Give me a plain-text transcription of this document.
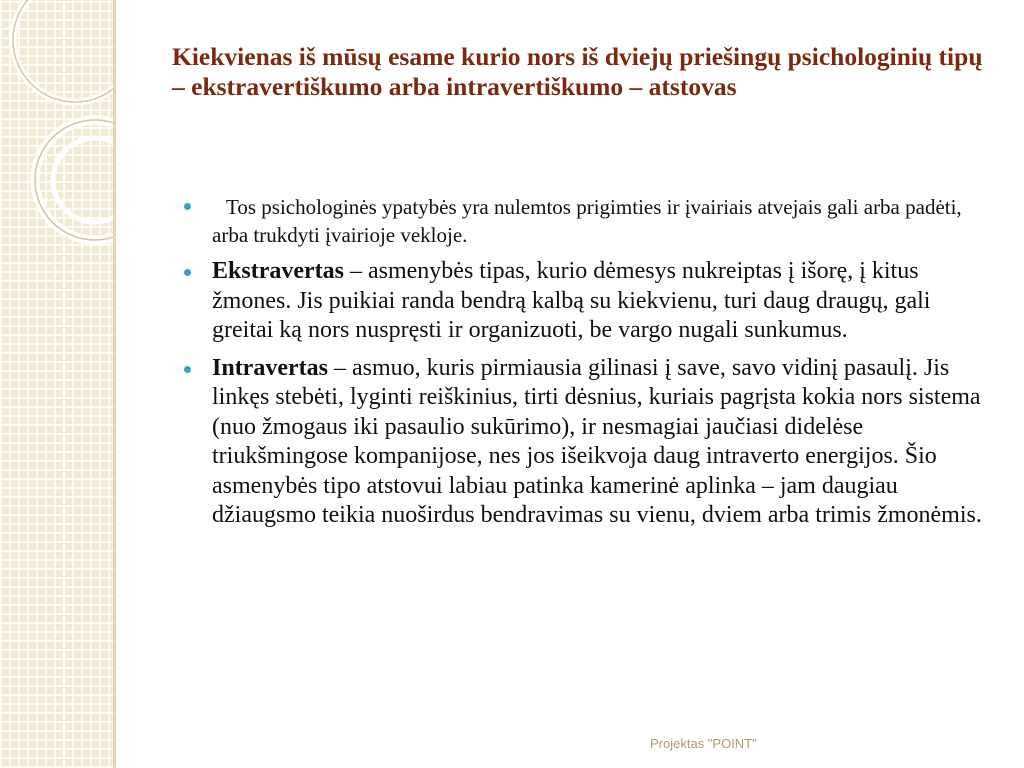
Kiekvienas iš mūsų esame kurio nors iš dviejų priešingų psichologinių tipų – ekstravertiškumo arba intravertiškumo – atstovas
Tos psichologinės ypatybės yra nulemtos prigimties ir įvairiais atvejais gali arba padėti, arba trukdyti įvairioje vekloje.
Ekstravertas – asmenybės tipas, kurio dėmesys nukreiptas į išorę, į kitus žmones. Jis puikiai randa bendrą kalbą su kiekvienu, turi daug draugų, gali greitai ką nors nuspręsti ir organizuoti, be vargo nugali sunkumus.
Intravertas – asmuo, kuris pirmiausia gilinasi į save, savo vidinį pasaulį. Jis linkęs stebėti, lyginti reiškinius, tirti dėsnius, kuriais pagrįsta kokia nors sistema (nuo žmogaus iki pasaulio sukūrimo), ir nesmagiai jaučiasi didelėse triukšmingose kompanijose, nes jos išeikvoja daug intraverto energijos. Šio asmenybės tipo atstovui labiau patinka kamerinė aplinka – jam daugiau džiaugsmo teikia nuoširdus bendravimas su vienu, dviem arba trimis žmonėmis.
Projektas "POINT"
